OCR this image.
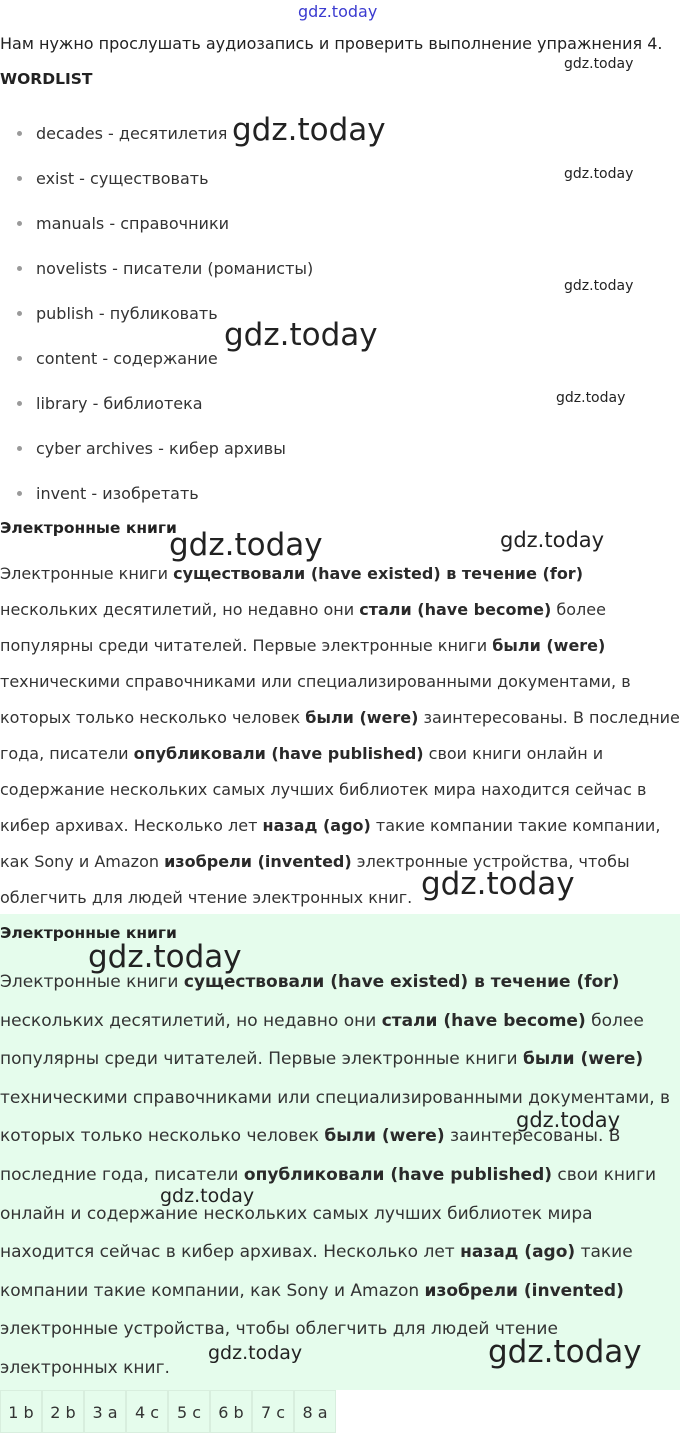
gdz.today
gdz.today
gdz.today
gdz.today
gdz.today
gdz.today
gdz.today
gdz.today	gdz.today
gdz.today
gdz.today
gdz.today
gdz.today
gdz.today	gdz.today
Нам нужно прослушать аудиозапись и проверить выполнение упражнения 4.
WORDLIST
decades - десятилетия
exist - существовать
manuals - справочники
novelists - писатели (романисты)
publish - публиковать
content - содержание
library - библиотека
cyber archives - кибер архивы
invent - изобретать
Электронные книги

Электронные книги существовали (have existed) в течение (for) нескольких десятилетий, но недавно они стали (have become) более популярны среди читателей. Первые электронные книги были (were) техническими справочниками или специализированными документами, в которых только несколько человек были (were) заинтересованы. В последние года, писатели опубликовали (have published) свои книги онлайн и содержание нескольких самых лучших библиотек мира находится сейчас в кибер архивах. Несколько лет назад (ago) такие компании такие компании, как Sony и Amazon изобрели (invented) электронные устройства, чтобы облегчить для людей чтение электронных книг.

Электронные книги

Электронные книги существовали (have existed) в течение (for) нескольких десятилетий, но недавно они стали (have become) более популярны среди читателей. Первые электронные книги были (were) техническими справочниками или специализированными документами, в которых только несколько человек были (were) заинтересованы. В последние года, писатели опубликовали (have published) свои книги онлайн и содержание нескольких самых лучших библиотек мира находится сейчас в кибер архивах. Несколько лет назад (ago) такие компании такие компании, как Sony и Amazon изобрели (invented) электронные устройства, чтобы облегчить для людей чтение электронных книг.

1 b	2 b	3 a	4 c	5 c	6 b	7 c	8 a
